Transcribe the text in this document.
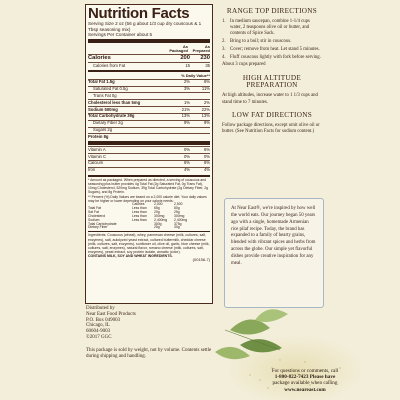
Nutrition Facts
Serving Size 2 oz (56 g about 1/3 cup dry couscous & 1 Tbsp seasoning mix)
Servings Per Container about 5
As Packaged
As Prepared
Calories	200	230
Calories from Fat	15	35
% Daily Value**
Total Fat 1.5g	2%	6%
Saturated Fat 0.5g	3%	11%
Trans Fat 0g
Cholesterol less than 5mg	1%	2%
Sodium 500mg	21%	22%
Total Carbohydrate 39g	13%	13%
Dietary Fiber 2g	9%	9%
Sugars 2g
Protein 8g
Vitamin A	0%	6%
Vitamin C	0%	0%
Calcium	6%	6%
Iron	4%	4%
* Amount as packaged. When prepared as directed, a serving of couscous and seasoning plus butter provides 4g Total Fat (2g Saturated Fat, 0g Trans Fat), 10mg Cholesterol, 520mg Sodium, 39g Total Carbohydrate (2g Dietary Fiber, 2g Sugars), and 8g Protein.
** Percent (%) Daily Values are based on a 2,000 calorie diet. Your daily values may be higher or lower depending on your calorie needs:
Calories	2,000	2,500
Total Fat	Less than	65g	80g
Sat Fat	Less than	20g	25g
Cholesterol	Less than	300mg	300mg
Sodium	Less than	2,400mg	2,400mg
Total Carbohydrate	300g	375g
Dietary Fiber	25g	30g
Ingredients: Couscous (wheat), whey, parmesan cheese (milk, cultures, salt, enzymes), salt, autolyzed yeast extract, cultured buttermilk, cheddar cheese (milk, cultures, salt, enzymes), sunflower oil, olive oil, garlic, blue cheese (milk, cultures, salt, enzymes), natural flavor, romano cheese (milk, cultures, salt, enzymes), yeast extract, soy protein isolate, annatto (color).
CONTAINS MILK, SOY AND WHEAT INGREDIENTS.
(00156-7)
Distributed by
Near East Food Products
P.O. Box 049003
Chicago, IL
60604-9003
©2017 GGC
This package is sold by weight, not by volume. Contents settle during shipping and handling.
RANGE TOP DIRECTIONS
1. In medium saucepan, combine 1-1/4 cups water, 2 teaspoons olive oil or butter, and contents of Spice Sack.
2. Bring to a boil; stir in couscous.
3. Cover; remove from heat. Let stand 5 minutes.
4. Fluff couscous lightly with fork before serving.

About 3 cups prepared

HIGH ALTITUDE PREPARATION

At high altitudes, increase water to 1 1/3 cups and stand time to 7 minutes.

LOW FAT DIRECTIONS

Follow package directions, except omit olive oil or butter. (See Nutrition Facts for sodium content.)

At Near East®, we're inspired by how well the world eats. Our journey began 50 years ago with a single, homemade Armenian rice pilaf recipe. Today, the brand has expanded to a family of hearty grains, blended with vibrant spices and herbs from across the globe. Our simple yet flavorful dishes provide creative inspiration for any meal.
For questions or comments, call
1-800-822-7423 Please have
package available when calling
www.neareast.com
